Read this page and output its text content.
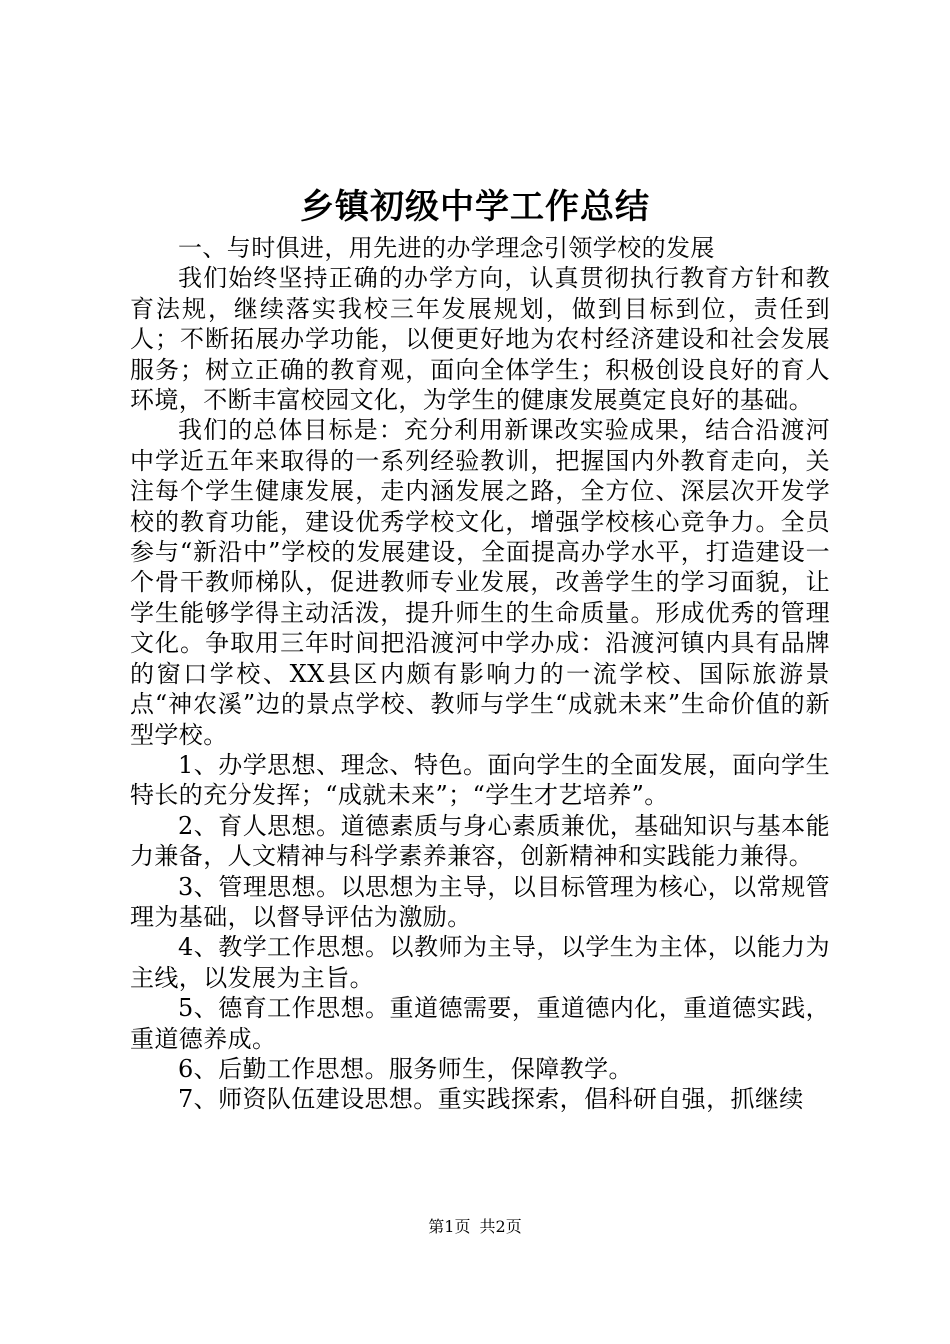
乡镇初级中学工作总结

一、与时俱进，用先进的办学理念引领学校的发展

我们始终坚持正确的办学方向，认真贯彻执行教育方针和教育法规，继续落实我校三年发展规划，做到目标到位，责任到人；不断拓展办学功能，以便更好地为农村经济建设和社会发展服务；树立正确的教育观，面向全体学生；积极创设良好的育人环境，不断丰富校园文化，为学生的健康发展奠定良好的基础。

我们的总体目标是：充分利用新课改实验成果，结合沿渡河中学近五年来取得的一系列经验教训，把握国内外教育走向，关注每个学生健康发展，走内涵发展之路，全方位、深层次开发学校的教育功能，建设优秀学校文化，增强学校核心竞争力。全员参与“新沿中”学校的发展建设，全面提高办学水平，打造建设一个骨干教师梯队，促进教师专业发展，改善学生的学习面貌，让学生能够学得主动活泼，提升师生的生命质量。形成优秀的管理文化。争取用三年时间把沿渡河中学办成：沿渡河镇内具有品牌的窗口学校、XX县区内颇有影响力的一流学校、国际旅游景点“神农溪”边的景点学校、教师与学生“成就未来”生命价值的新型学校。

1、办学思想、理念、特色。面向学生的全面发展，面向学生特长的充分发挥；“成就未来”；“学生才艺培养”。

2、育人思想。道德素质与身心素质兼优，基础知识与基本能力兼备，人文精神与科学素养兼容，创新精神和实践能力兼得。

3、管理思想。以思想为主导，以目标管理为核心，以常规管理为基础，以督导评估为激励。

4、教学工作思想。以教师为主导，以学生为主体，以能力为主线，以发展为主旨。

5、德育工作思想。重道德需要，重道德内化，重道德实践，重道德养成。

6、后勤工作思想。服务师生，保障教学。

7、师资队伍建设思想。重实践探索，倡科研自强，抓继续

第1页 共2页
